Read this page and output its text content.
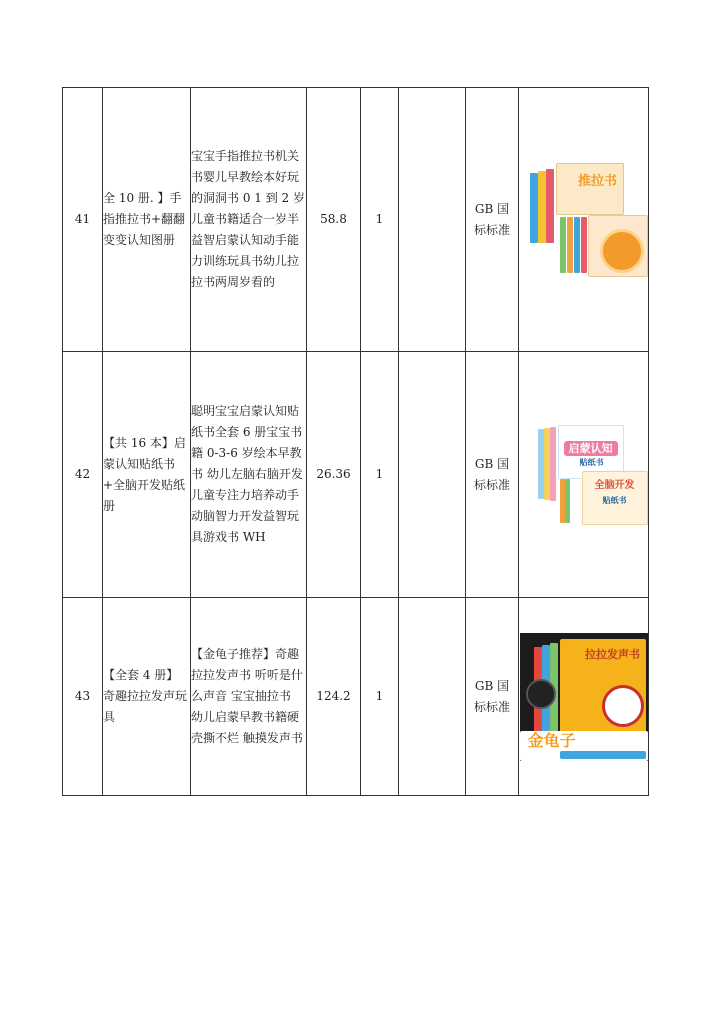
41	全 10 册. 】手指推拉书+翻翻变变认知图册	宝宝手指推拉书机关书婴儿早教绘本好玩的洞洞书 0 1 到 2 岁儿童书籍适合一岁半益智启蒙认知动手能力训练玩具书幼儿拉拉书两周岁看的	58.8	1		GB 国标标准	推拉书

42	【共 16 本】启蒙认知贴纸书+全脑开发贴纸册	聪明宝宝启蒙认知贴纸书全套 6 册宝宝书籍 0-3-6 岁绘本早教书 幼儿左脑右脑开发儿童专注力培养动手动脑智力开发益智玩具游戏书 WH	26.36	1		GB 国标标准	启蒙认知
贴纸书
全脑开发
贴纸书

43	【全套 4 册】奇趣拉拉发声玩具	【金龟子推荐】奇趣拉拉发声书 听听是什么声音 宝宝抽拉书 幼儿启蒙早教书籍硬壳撕不烂 触摸发声书	124.2	1		GB 国标标准	拉拉发声书
金龟子
